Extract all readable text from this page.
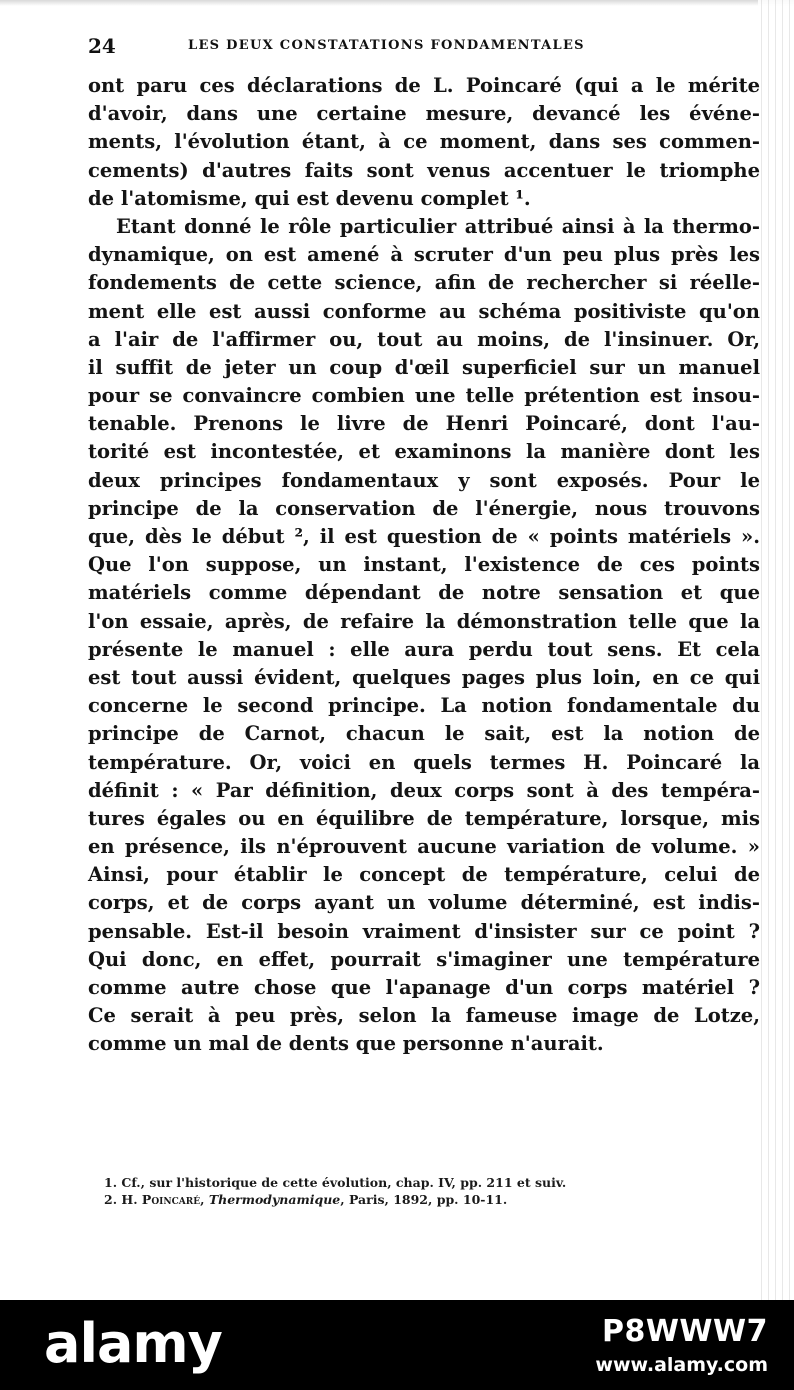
24	LES DEUX CONSTATATIONS FONDAMENTALES
ont paru ces déclarations de L. Poincaré (qui a le mérite
d'avoir, dans une certaine mesure, devancé les événe-
ments, l'évolution étant, à ce moment, dans ses commen-
cements) d'autres faits sont venus accentuer le triomphe
de l'atomisme, qui est devenu complet ¹.
Etant donné le rôle particulier attribué ainsi à la thermo-
dynamique, on est amené à scruter d'un peu plus près les
fondements de cette science, afin de rechercher si réelle-
ment elle est aussi conforme au schéma positiviste qu'on
a l'air de l'affirmer ou, tout au moins, de l'insinuer. Or,
il suffit de jeter un coup d'œil superficiel sur un manuel
pour se convaincre combien une telle prétention est insou-
tenable. Prenons le livre de Henri Poincaré, dont l'au-
torité est incontestée, et examinons la manière dont les
deux principes fondamentaux y sont exposés. Pour le
principe de la conservation de l'énergie, nous trouvons
que, dès le début ², il est question de « points matériels ».
Que l'on suppose, un instant, l'existence de ces points
matériels comme dépendant de notre sensation et que
l'on essaie, après, de refaire la démonstration telle que la
présente le manuel : elle aura perdu tout sens. Et cela
est tout aussi évident, quelques pages plus loin, en ce qui
concerne le second principe. La notion fondamentale du
principe de Carnot, chacun le sait, est la notion de
température. Or, voici en quels termes H. Poincaré la
définit : « Par définition, deux corps sont à des tempéra-
tures égales ou en équilibre de température, lorsque, mis
en présence, ils n'éprouvent aucune variation de volume. »
Ainsi, pour établir le concept de température, celui de
corps, et de corps ayant un volume déterminé, est indis-
pensable. Est-il besoin vraiment d'insister sur ce point ?
Qui donc, en effet, pourrait s'imaginer une température
comme autre chose que l'apanage d'un corps matériel ?
Ce serait à peu près, selon la fameuse image de Lotze,
comme un mal de dents que personne n'aurait.
1. Cf., sur l'historique de cette évolution, chap. IV, pp. 211 et suiv.
2. H. Poincaré, Thermodynamique, Paris, 1892, pp. 10-11.
alamy	P8WWW7
www.alamy.com
